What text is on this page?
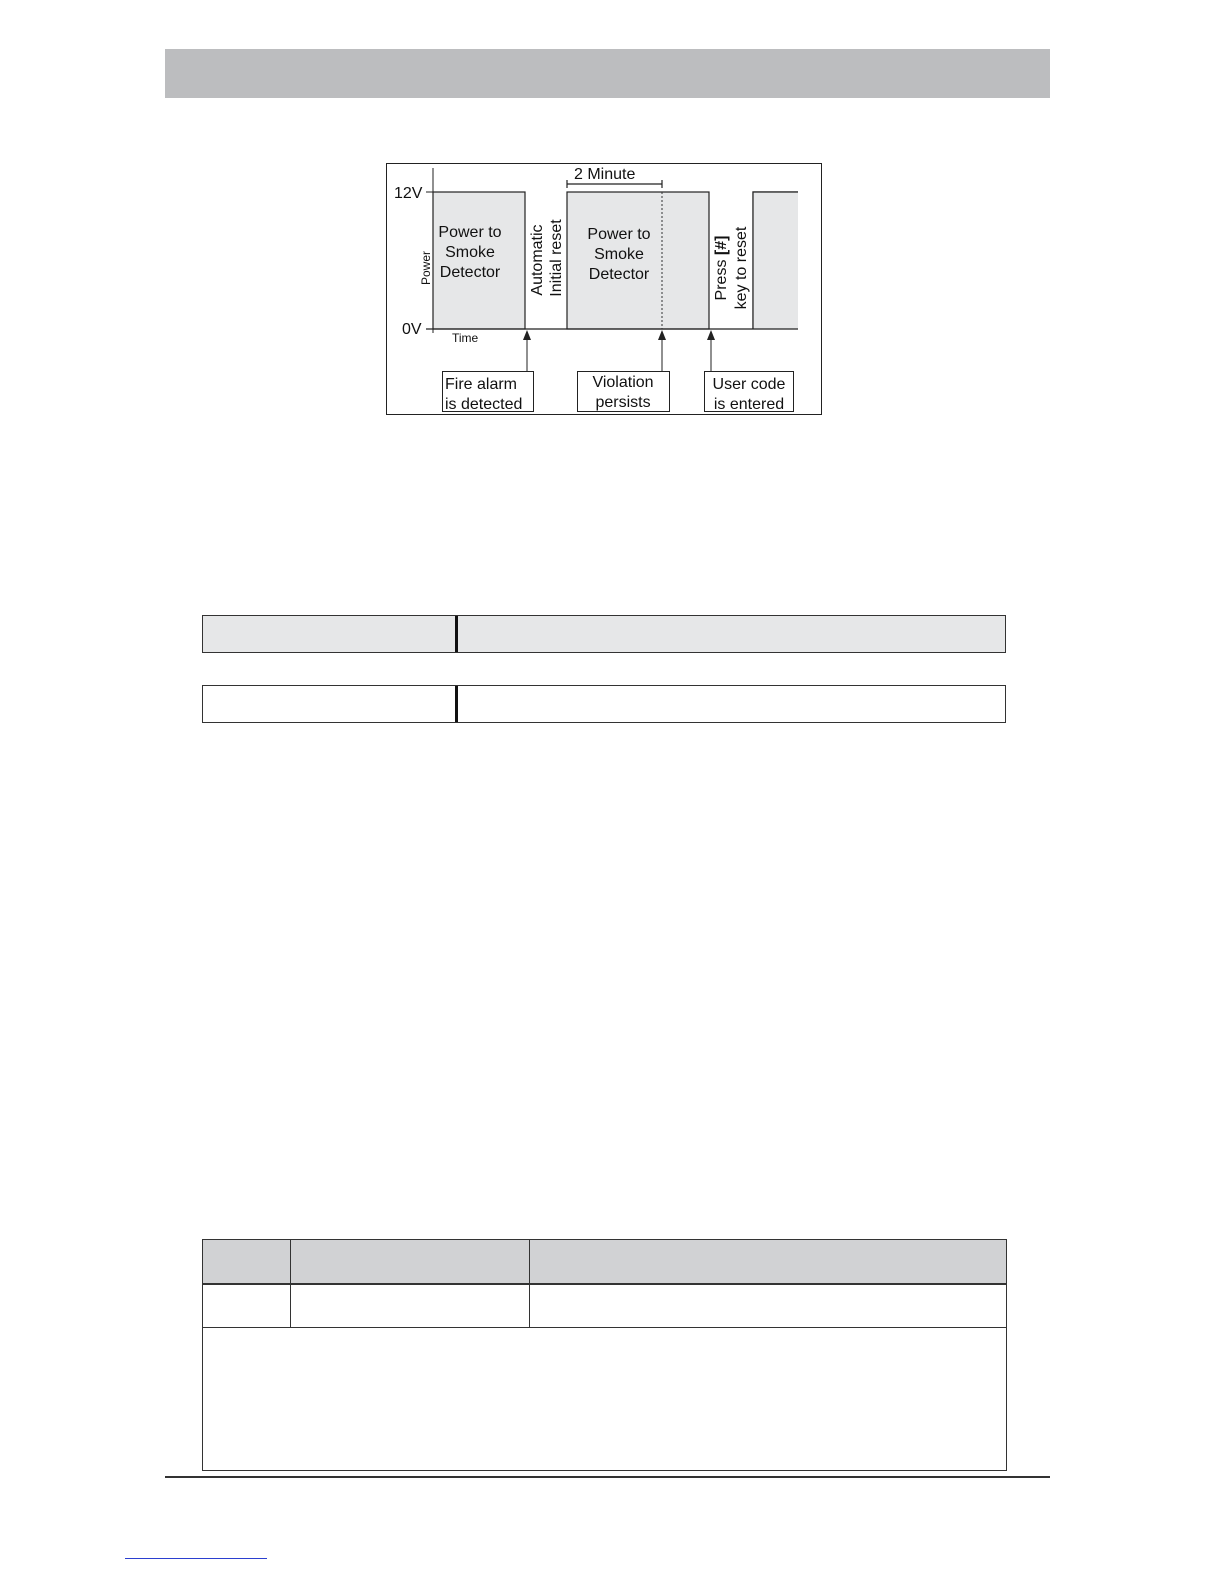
12V
0V
Power
Time
2 Minute
Power to
Smoke
Detector
Power to
Smoke
Detector
Automatic Initial reset	Press [#] key to reset
Fire alarm
is detected
Violation
persists
User code
is entered
